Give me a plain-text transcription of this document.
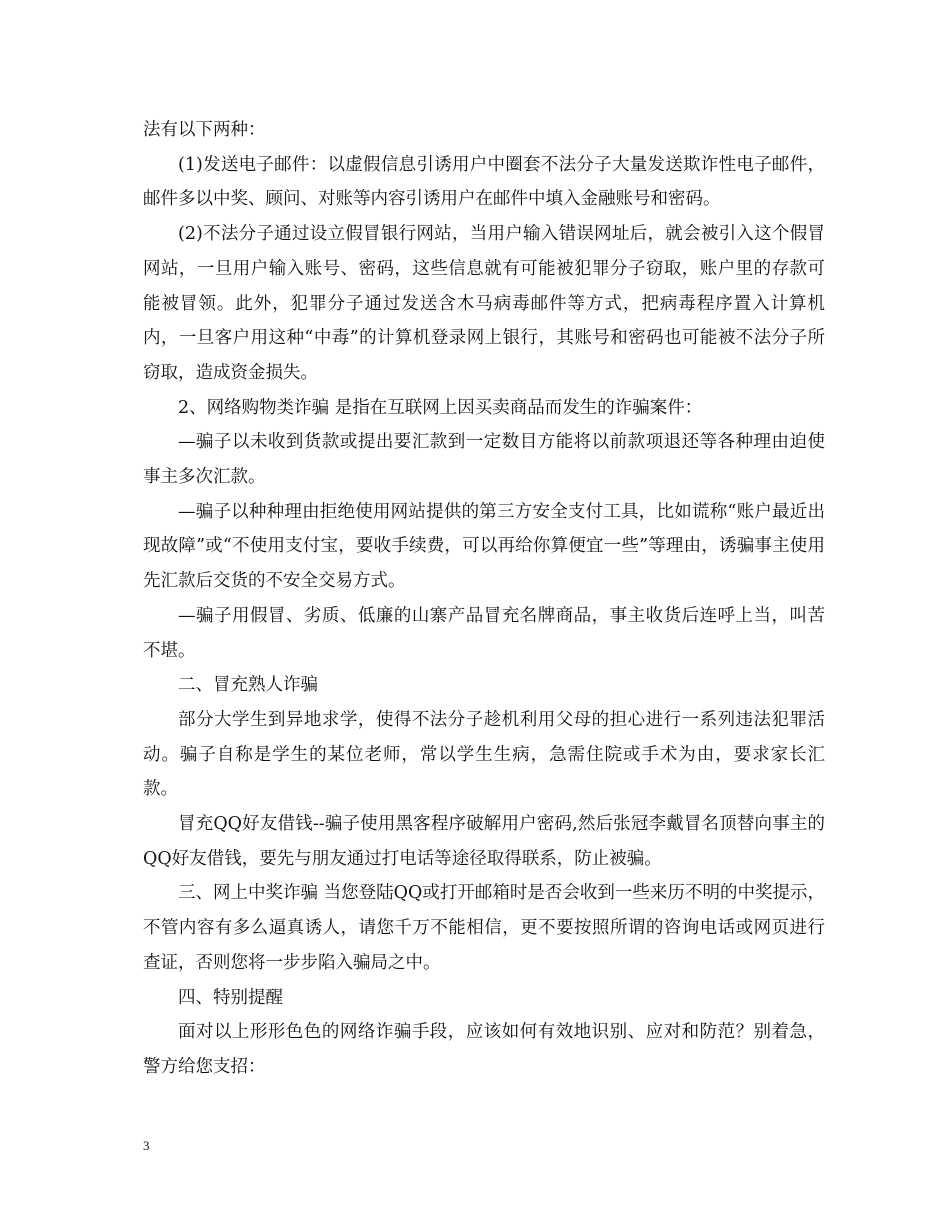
法有以下两种：

(1)发送电子邮件：以虚假信息引诱用户中圈套不法分子大量发送欺诈性电子邮件，邮件多以中奖、顾问、对账等内容引诱用户在邮件中填入金融账号和密码。

(2)不法分子通过设立假冒银行网站，当用户输入错误网址后，就会被引入这个假冒网站，一旦用户输入账号、密码，这些信息就有可能被犯罪分子窃取，账户里的存款可能被冒领。此外，犯罪分子通过发送含木马病毒邮件等方式，把病毒程序置入计算机内，一旦客户用这种“中毒”的计算机登录网上银行，其账号和密码也可能被不法分子所窃取，造成资金损失。

2、网络购物类诈骗 是指在互联网上因买卖商品而发生的诈骗案件：

—骗子以未收到货款或提出要汇款到一定数目方能将以前款项退还等各种理由迫使事主多次汇款。

—骗子以种种理由拒绝使用网站提供的第三方安全支付工具，比如谎称“账户最近出现故障”或“不使用支付宝，要收手续费，可以再给你算便宜一些”等理由，诱骗事主使用先汇款后交货的不安全交易方式。

—骗子用假冒、劣质、低廉的山寨产品冒充名牌商品，事主收货后连呼上当，叫苦不堪。

二、冒充熟人诈骗

部分大学生到异地求学，使得不法分子趁机利用父母的担心进行一系列违法犯罪活动。骗子自称是学生的某位老师，常以学生生病，急需住院或手术为由，要求家长汇款。

冒充QQ好友借钱--骗子使用黑客程序破解用户密码,然后张冠李戴冒名顶替向事主的QQ好友借钱，要先与朋友通过打电话等途径取得联系，防止被骗。

三、网上中奖诈骗 当您登陆QQ或打开邮箱时是否会收到一些来历不明的中奖提示，不管内容有多么逼真诱人，请您千万不能相信，更不要按照所谓的咨询电话或网页进行查证，否则您将一步步陷入骗局之中。

四、特别提醒

面对以上形形色色的网络诈骗手段，应该如何有效地识别、应对和防范？别着急，警方给您支招：

3
